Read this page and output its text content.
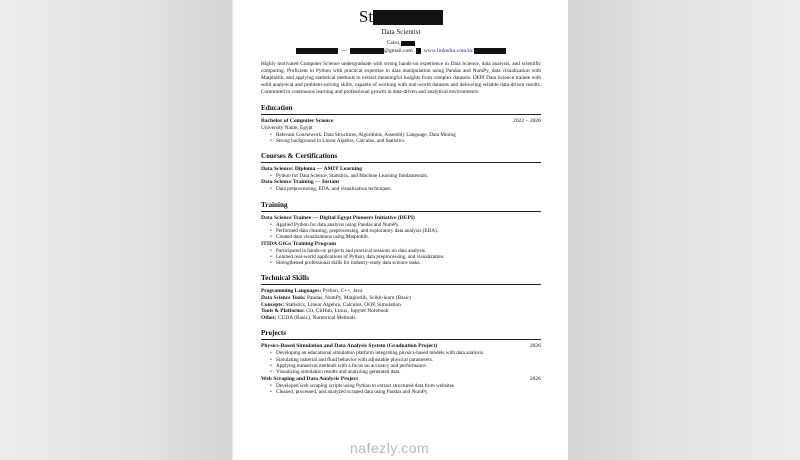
St
Data Scientist
Cairo,
—	@gmail.com www.linkedin.com/in/
Highly motivated Computer Science undergraduate with strong hands-on experience in Data Science, data analysis, and scientific computing. Proficient in Python with practical expertise in data manipulation using Pandas and NumPy, data visualization with Matplotlib, and applying statistical methods to extract meaningful insights from complex datasets. DEPI Data Science trainee with solid analytical and problem-solving skills, capable of working with real-world datasets and delivering reliable data-driven results. Committed to continuous learning and professional growth in data-driven and analytical environments.
Education
Bachelor of Computer Science	2022 – 2026
University Name, Egypt
• Relevant Coursework: Data Structures, Algorithms, Assembly Language, Data Mining
• Strong background in Linear Algebra, Calculus, and Statistics
Courses & Certifications
Data Science: Diploma — AMIT Learning
• Python for Data Science, Statistics, and Machine Learning fundamentals.
Data Science Training — Instant
• Data preprocessing, EDA, and visualization techniques.
Training
Data Science Trainee — Digital Egypt Pioneers Initiative (DEPI)
• Applied Python for data analysis using Pandas and NumPy.
• Performed data cleaning, preprocessing, and exploratory data analysis (EDA).
• Created data visualizations using Matplotlib.
ITIDA GIGs Training Program
• Participated in hands-on projects and practical sessions on data analysis.
• Learned real-world applications of Python, data preprocessing, and visualization.
• Strengthened professional skills for industry-ready data science tasks.
Technical Skills
Programming Languages: Python, C++, Java
Data Science Tools: Pandas, NumPy, Matplotlib, Scikit-learn (Basic)
Concepts: Statistics, Linear Algebra, Calculus, OOP, Simulation
Tools & Platforms: Git, GitHub, Linux, Jupyter Notebook
Other: CUDA (Basic), Numerical Methods
Projects
Physics-Based Simulation and Data Analysis System (Graduation Project)	2026
• Developing an educational simulation platform integrating physics-based models with data analysis.
• Simulating material and fluid behavior with adjustable physical parameters.
• Applying numerical methods with a focus on accuracy and performance.
• Visualizing simulation results and analyzing generated data.
Web Scraping and Data Analysis Project	2026
• Developed web scraping scripts using Python to extract structured data from websites.
• Cleaned, processed, and analyzed scraped data using Pandas and NumPy.
nafezly.com
